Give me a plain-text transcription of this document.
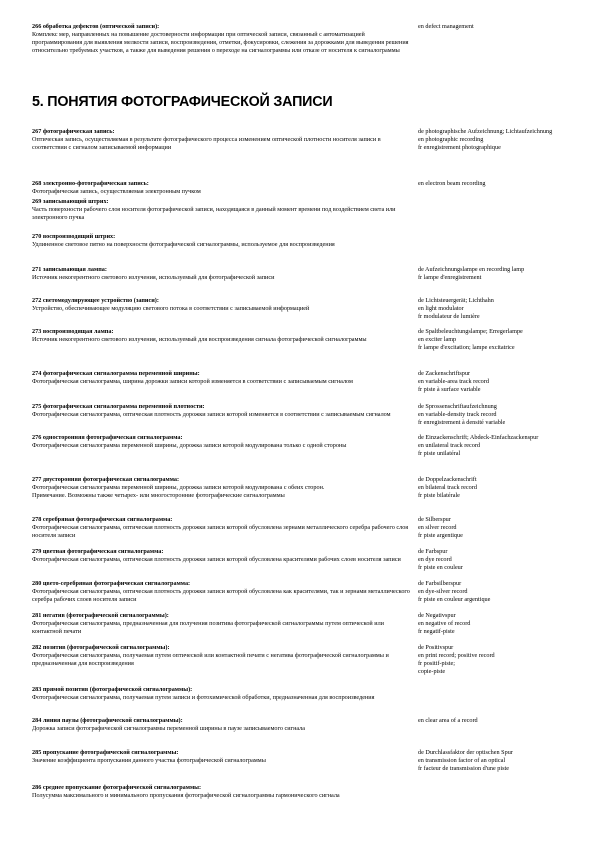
266 обработка дефектов (оптической записи):
Комплекс мер, направленных на повышение достоверности информации при оптической записи, связанный с автоматизацией программирования для выявления мелкости записи, воспроизведения, отметки, фокусировки, слежения за дорожками для выведения решения относительно требуемых участков, а также для выведения решения о переходе на сигналограммы или отказе от носителя к сигналограммы
en defect management
5. ПОНЯТИЯ ФОТОГРАФИЧЕСКОЙ ЗАПИСИ
267 фотографическая запись:
Оптическая запись, осуществляемая в результате фотографического процесса изменением оптической плотности носителя записи в соответствии с сигналом записываемой информации
de photographische Aufzeichnung; Lichtaufzeichnung
en photographic recording
fr enregistrement photographique
268 электронно-фотографическая запись:
Фотографическая запись, осуществляемая электронным пучком
en electron beam recording
269 записывающий штрих:
Часть поверхности рабочего слоя носителя фотографической записи, находящаяся в данный момент времени под воздействием света или электронного пучка
270 воспроизводящий штрих:
Удлиненное световое пятно на поверхности фотографической сигналограммы, используемое для воспроизведения
271 записывающая лампа:
Источник некогерентного светового излучения, используемый для фотографической записи
de Aufzeichnungslampe en recording lamp
fr lampe d'enregistrement
272 светомодулирующее устройство (записи):
Устройство, обеспечивающее модуляцию светового потока в соответствии с записываемой информацией
de Lichtsteuergerät; Lichthahn
en light modulator
fr modulateur de lumière
273 воспроизводящая лампа:
Источник некогерентного светового излучения, используемый для воспроизведения сигнала фотографической сигналограммы
de Spaltbeleuchtungslampe; Erregerlampe
en exciter lamp
fr lampe d'excitation; lampe excitatrice
274 фотографическая сигналограмма переменной ширины:
Фотографическая сигналограмма, ширина дорожки записи которой изменяется в соответствии с записываемым сигналом
de Zackenschriftspur
en variable-area track record
fr piste à surface variable
275 фотографическая сигналограмма переменной плотности:
Фотографическая сигналограмма, оптическая плотность дорожки записи которой изменяется в соответствии с записываемым сигналом
de Sprossenschriftaufzeichnung
en variable-density track record
fr enregistrement à densité variable
276 односторонняя фотографическая сигналограмма:
Фотографическая сигналограмма переменной ширины, дорожка записи которой модулирована только с одной стороны
de Einzackenschrift; Abdeck-Einfachzackenspur
en unilateral track record
fr piste unilatéral
277 двусторонняя фотографическая сигналограмма:
Фотографическая сигналограмма переменной ширины, дорожка записи которой модулирована с обеих сторон.
Примечание. Возможны также четырех- или многосторонние фотографические сигналограммы
de Doppelzackenschrift
en bilateral track record
fr piste bilatérale
278 серебряная фотографическая сигналограмма:
Фотографическая сигналограмма, оптическая плотность дорожки записи которой обусловлена зернами металлического серебра рабочего слоя носителя записи
de Silberspur
en silver record
fr piste argentique
279 цветная фотографическая сигналограмма:
Фотографическая сигналограмма, оптическая плотность дорожки записи которой обусловлена красителями рабочих слоев носителя записи
de Farbspur
en dye record
fr piste en couleur
280 цвето-серебряная фотографическая сигналограмма:
Фотографическая сигналограмма, оптическая плотность дорожки записи которой обусловлена как красителями, так и зернами металлического серебра рабочих слоев носителя записи
de Farbsilberspur
en dye-silver record
fr piste en couleur argentique
281 негатив (фотографической сигналограммы):
Фотографическая сигналограмма, предназначенная для получения позитива фотографической сигналограммы путем оптической или контактной печати
de Negativspur
en negative of record
fr negatif-piste
282 позитив (фотографической сигналограммы):
Фотографическая сигналограмма, получаемая путем оптической или контактной печати с негатива фотографической сигналограммы и предназначенная для воспроизведения
de Positivspur
en print record; positive record
fr positif-piste;
copie-piste
283 прямой позитив (фотографической сигналограммы):
Фотографическая сигналограмма, получаемая путем записи и фотохимической обработки, предназначенная для воспроизведения
284 линия паузы (фотографической сигналограммы):
Дорожка записи фотографической сигналограммы переменной ширины в паузе записываемого сигнала
en clear area of a record
285 пропускание фотографической сигналограммы:
Значение коэффициента пропускания данного участка фотографической сигналограммы
de Durchlassfaktor der optischen Spur
en transmission factor of an optical
fr facteur de transmission d'une piste
286 среднее пропускание фотографической сигналограммы:
Полусумма максимального и минимального пропускания фотографической сигналограммы гармонического сигнала
